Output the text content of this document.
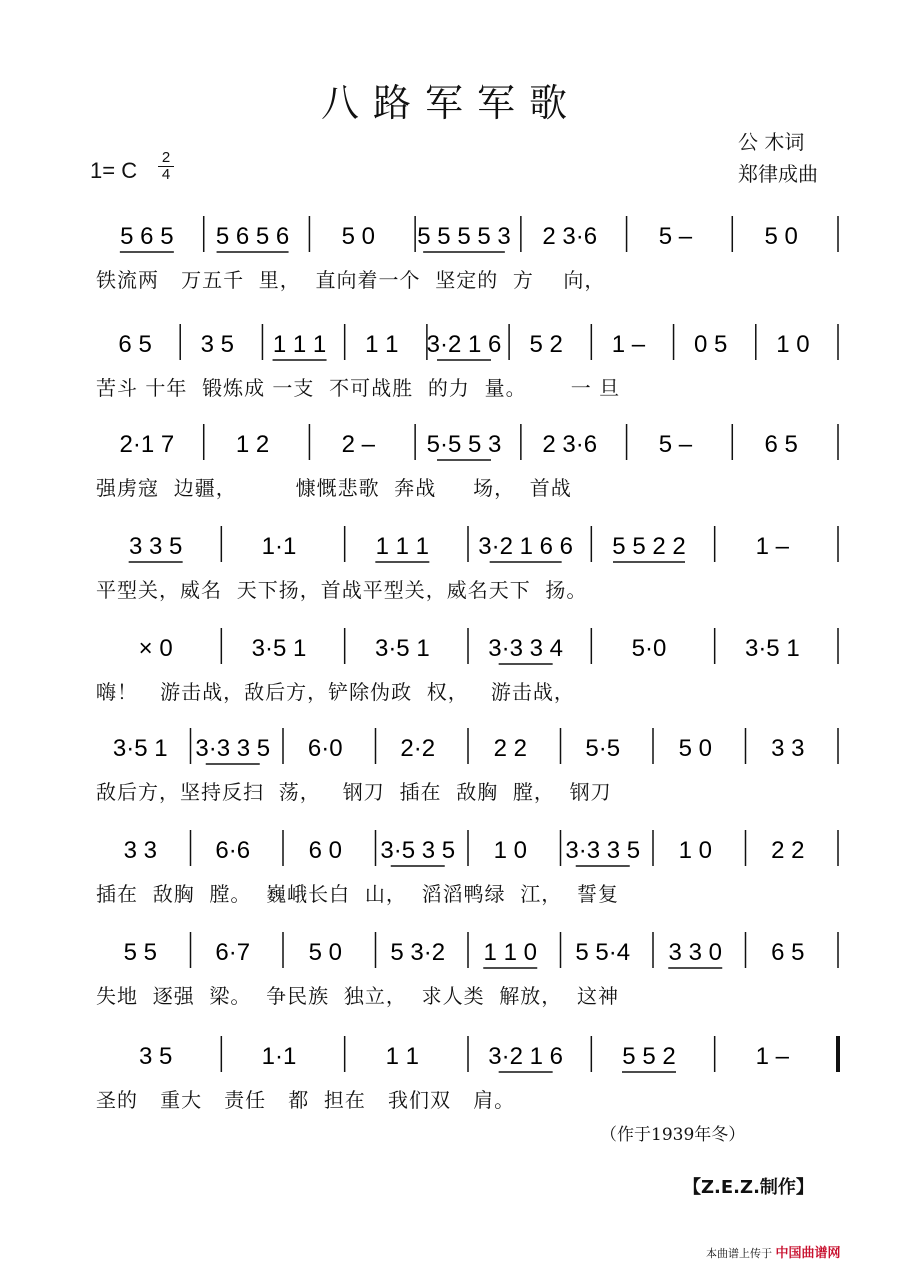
八路军军歌
公 木词
郑律成曲
1= C
2
4
5 6 5 5 6 5 6 5 0 5 5 5 5 3 2 3·6	5 –	5 0
铁流两   万五千  里，  直向着一个  坚定的  方    向，
6 5 3 5 1 1 1 1 1 3·2 1 6 5 2 1 – 0 5 1 0
苦斗 十年  锻炼成 一支  不可战胜  的力  量。      一 旦
2·1 7	1 2	2 – 5·5 5 3 2 3·6	5 –	6 5
强虏寇  边疆，        慷慨悲歌  奔战     场，  首战
3 3 5	1·1	1 1 1 3·2 1 6 6 5 5 2 2	1 –
平型关，威名  天下扬，首战平型关，威名天下  扬。
× 0	3·5 1	3·5 1 3·3 3 4	5·0	3·5 1
嗨！   游击战，敌后方，铲除伪政  权，   游击战，
3·5 1 3·3 3 5 6·0 2·2 2 2 5·5 5 0 3 3
敌后方，坚持反扫  荡，   钢刀  插在  敌胸  膛，  钢刀
3 3 6·6 6 0 3·5 3 5 1 0 3·3 3 5 1 0 2 2
插在  敌胸  膛。  巍峨长白  山，  滔滔鸭绿  江，  誓复
5 5 6·7 5 0 5 3·2 1 1 0 5 5·4 3 3 0 6 5
失地  逐强  梁。  争民族  独立，  求人类  解放，  这神
3 5	1·1	1 1	3·2 1 6 5 5 2	1 –
圣的   重大   责任   都  担在   我们双   肩。
（作于1939年冬）
【Z.E.Z.制作】
本曲谱上传于 中国曲谱网
